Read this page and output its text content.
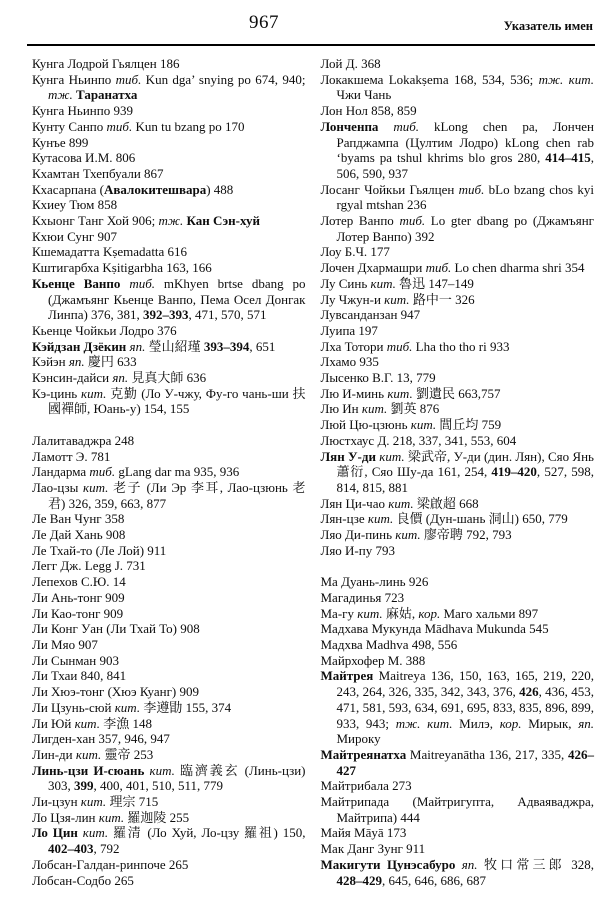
967	Указатель имен
Кунга Лодрой Гьялцен 186
Кунга Ньинпо тиб. Kun dga’ snying po 674, 940; тж. Таранатха
Кунга Ньинпо 939
Кунту Санпо тиб. Kun tu bzang po 170
Кунъе 899
Кутасова И.М. 806
Кхамтан Тхепбуали 867
Кхасарпана (Авалокитешвара) 488
Кхиеу Тюм 858
Кхыонг Танг Хой 906; тж. Кан Сэн-хуй
Кхюи Сунг 907
Кшемадатта Kṣemadatta 616
Кштигарбха Kṣitigarbha 163, 166
Кьенце Ванпо тиб. mKhyen brtse dbang po (Джамъянг Кьенце Ванпо, Пема Осел Донгак Линпа) 376, 381, 392–393, 471, 570, 571
Кьенце Чойкьи Лодро 376
Кэйдзан Дзёкин яп. 瑩山紹瑾 393–394, 651
Кэйэн яп. 慶円 633
Кэнсин-дайси яп. 見真大師 636
Кэ-цинь кит. 克勤 (Ло У-чжу, Фу-го чань-ши 扶國禪師, Юань-у) 154, 155
Лалитаваджра 248
Ламотт Э. 781
Ландарма тиб. gLang dar ma 935, 936
Лао-цзы кит. 老子 (Ли Эр 李耳, Лао-цзюнь 老君) 326, 359, 663, 877
Ле Ван Чунг 358
Ле Дай Хань 908
Ле Тхай-то (Ле Лой) 911
Легг Дж. Legg J. 731
Лепехов С.Ю. 14
Ли Ань-тонг 909
Ли Као-тонг 909
Ли Конг Уан (Ли Тхай То) 908
Ли Мяо 907
Ли Сынман 903
Ли Тхаи 840, 841
Ли Хюэ-тонг (Хюэ Куанг) 909
Ли Цзунь-сюй кит. 李遵勖 155, 374
Ли Юй кит. 李漁 148
Лигден-хан 357, 946, 947
Лин-ди кит. 靈帝 253
Линь-цзи И-сюань кит. 臨濟義玄 (Линь-цзи) 303, 399, 400, 401, 510, 511, 779
Ли-цзун кит. 理宗 715
Ло Цзя-лин кит. 羅迦陵 255
Ло Цин кит. 羅清 (Ло Хуй, Ло-цзу 羅祖) 150, 402–403, 792
Лобсан-Галдан-ринпоче 265
Лобсан-Содбо 265
Лой Д. 368
Локакшема Lokakṣema 168, 534, 536; тж. кит. Чжи Чань
Лон Нол 858, 859
Лонченпа тиб. kLong chen pa, Лончен Рапджампа (Цултим Лодро) kLong chen rab ‘byams pa tshul khrims blo gros 280, 414–415, 506, 590, 937
Лосанг Чойкьи Гьялцен тиб. bLo bzang chos kyi rgyal mtshan 236
Лотер Ванпо тиб. Lo gter dbang po (Джамъянг Лотер Ванпо) 392
Лоу Б.Ч. 177
Лочен Дхармашри тиб. Lo chen dharma shri 354
Лу Синь кит. 魯迅 147–149
Лу Чжун-и кит. 路中一 326
Лувсанданзан 947
Луипа 197
Лха Тотори тиб. Lha tho tho ri 933
Лхамо 935
Лысенко В.Г. 13, 779
Лю И-минь кит. 劉遺民 663,757
Лю Ин кит. 劉英 876
Люй Цю-цзюнь кит. 閭丘均 759
Люстхаус Д. 218, 337, 341, 553, 604
Лян У-ди кит. 梁武帝, У-ди (дин. Лян), Сяо Янь 蕭衍, Сяо Шу-да 161, 254, 419–420, 527, 598, 814, 815, 881
Лян Ци-чао кит. 梁啟超 668
Лян-цзе кит. 良價 (Дун-шань 洞山) 650, 779
Ляо Ди-пинь кит. 廖帝聘 792, 793
Ляо И-пу 793
Ма Дуань-линь 926
Магадинья 723
Ма-гу кит. 麻姑, кор. Маго хальми 897
Мадхава Мукунда Mādhava Mukunda 545
Мадхва Madhva 498, 556
Майрхофер М. 388
Майтрея Maitreya 136, 150, 163, 165, 219, 220, 243, 264, 326, 335, 342, 343, 376, 426, 436, 453, 471, 581, 593, 634, 691, 695, 833, 835, 896, 899, 933, 943; тж. кит. Милэ, кор. Мирык, яп. Мироку
Майтреянатха Maitreyanātha 136, 217, 335, 426–427
Майтрибала 273
Майтрипада (Майтригупта, Адваяваджра, Майтрипа) 444
Майя Māyā 173
Мак Данг Зунг 911
Макигути Цунэсабуро яп. 牧口常三郎 328, 428–429, 645, 646, 686, 687
